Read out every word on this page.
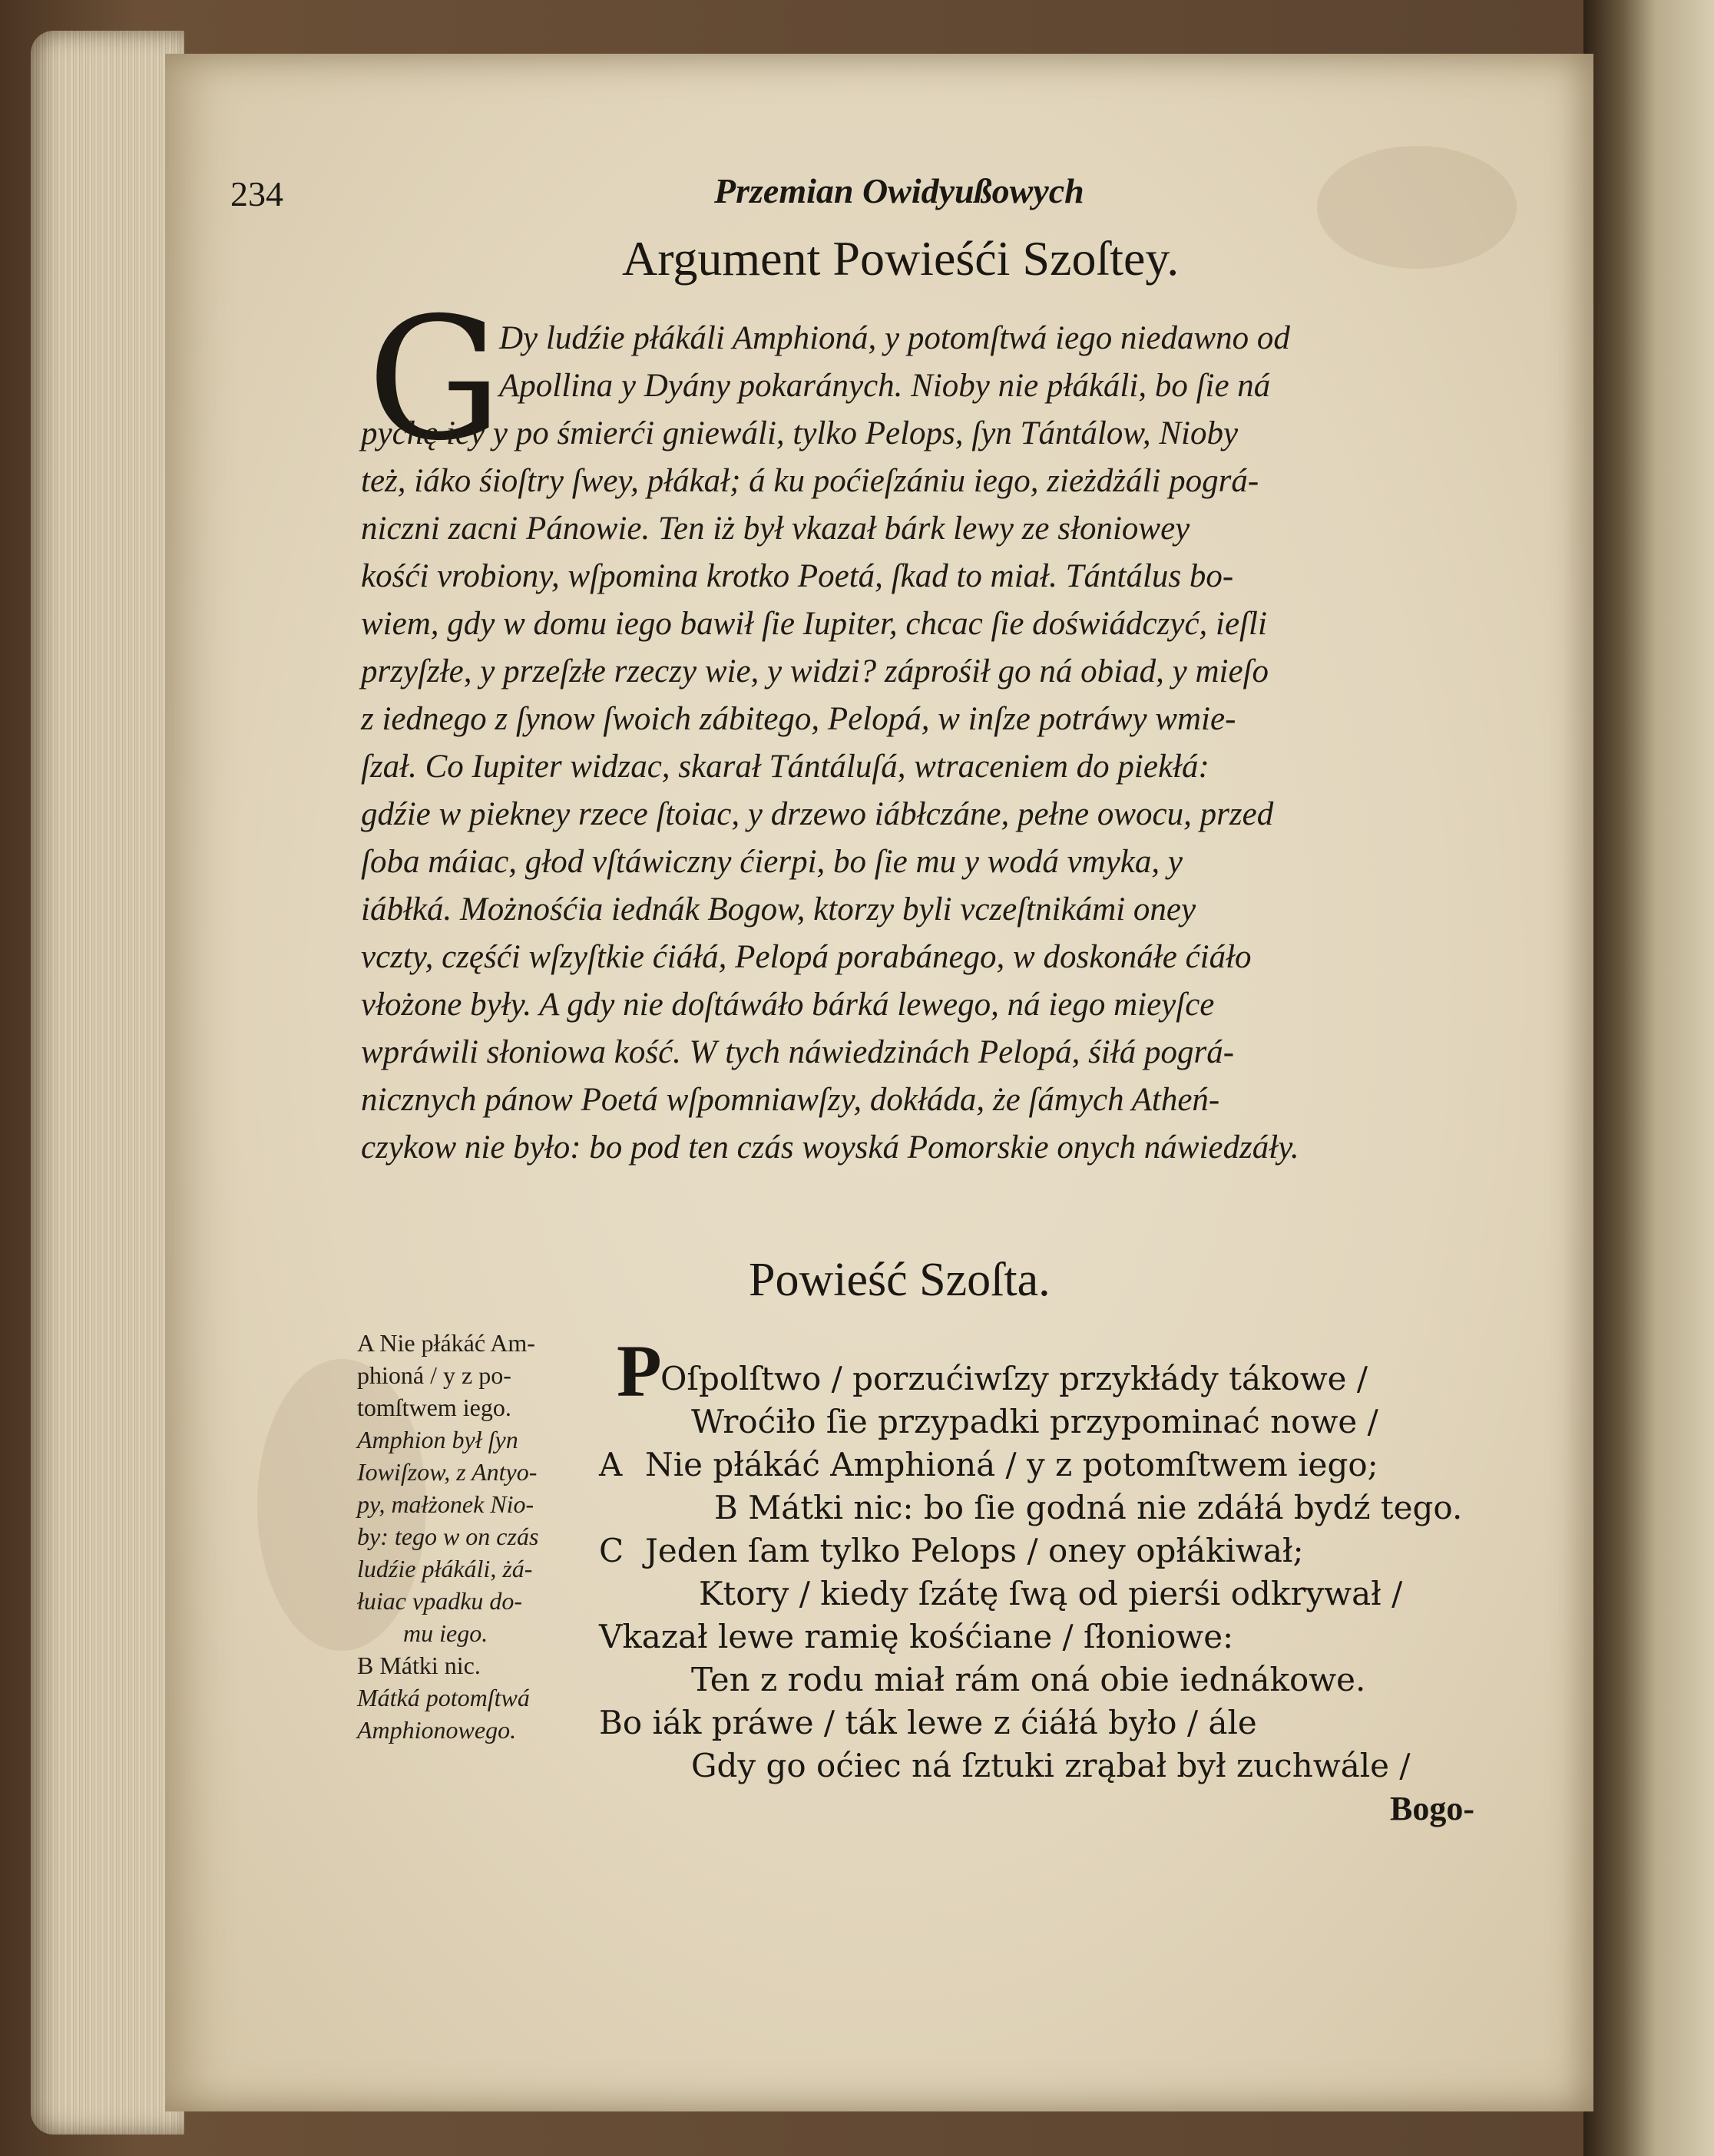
234	Przemian Owidyußowych
Argument Powieśći Szoſtey.
G
Dy ludźie płákáli Amphioná, y potomſtwá iego niedawno od
Apollina y Dyány pokaránych. Nioby nie płákáli, bo ſie ná
pychę iey y po śmierći gniewáli, tylko Pelops, ſyn Tántálow, Nioby
też, iáko śioſtry ſwey, płákał; á ku poćieſzániu iego, zieżdżáli pográ-
niczni zacni Pánowie. Ten iż był vkazał bárk lewy ze słoniowey
kośći vrobiony, wſpomina krotko Poetá, ſkad to miał. Tántálus bo-
wiem, gdy w domu iego bawił ſie Iupiter, chcac ſie doświádczyć, ieſli
przyſzłe, y przeſzłe rzeczy wie, y widzi? záprośił go ná obiad, y mieſo
z iednego z ſynow ſwoich zábitego, Pelopá, w inſze potráwy wmie-
ſzał. Co Iupiter widzac, skarał Tántáluſá, wtraceniem do piekłá:
gdźie w piekney rzece ſtoiac, y drzewo iábłczáne, pełne owocu, przed
ſoba máiac, głod vſtáwiczny ćierpi, bo ſie mu y wodá vmyka, y
iábłká. Możnośćia iednák Bogow, ktorzy byli vczeſtnikámi oney
vczty, częśći wſzyſtkie ćiáłá, Pelopá porabánego, w doskonáłe ćiáło
vłożone były. A gdy nie doſtáwáło bárká lewego, ná iego mieyſce
wpráwili słoniowa kość. W tych náwiedzinách Pelopá, śiłá pográ-
nicznych pánow Poetá wſpomniawſzy, dokłáda, że ſámych Atheń-
czykow nie było: bo pod ten czás woyská Pomorskie onych náwiedzáły.
Powieść Szoſta.
A Nie płákáć Am-
phioná / y z po-
tomſtwem iego.
Amphion był ſyn
Iowiſzow, z Antyo-
py, małżonek Nio-
by: tego w on czás
ludźie płákáli, żá-
łuiac vpadku do-
mu iego.
B Mátki nic.
Mátká potomſtwá
Amphionowego.
P
Oſpolſtwo / porzućiwſzy przykłády tákowe /
Wroćiło ſie przypadki przypominać nowe /
A Nie płákáć Amphioná / y z potomſtwem iego;
B Mátki nic: bo ſie godná nie zdáłá bydź tego.
C Jeden ſam tylko Pelops / oney opłákiwał;
Ktory / kiedy ſzátę ſwą od pierśi odkrywał /
Vkazał lewe ramię kośćiane / ſłoniowe:
Ten z rodu miał rám oná obie iednákowe.
Bo iák práwe / ták lewe z ćiáłá było / ále
Gdy go oćiec ná ſztuki zrąbał był zuchwále /
Bogo-
